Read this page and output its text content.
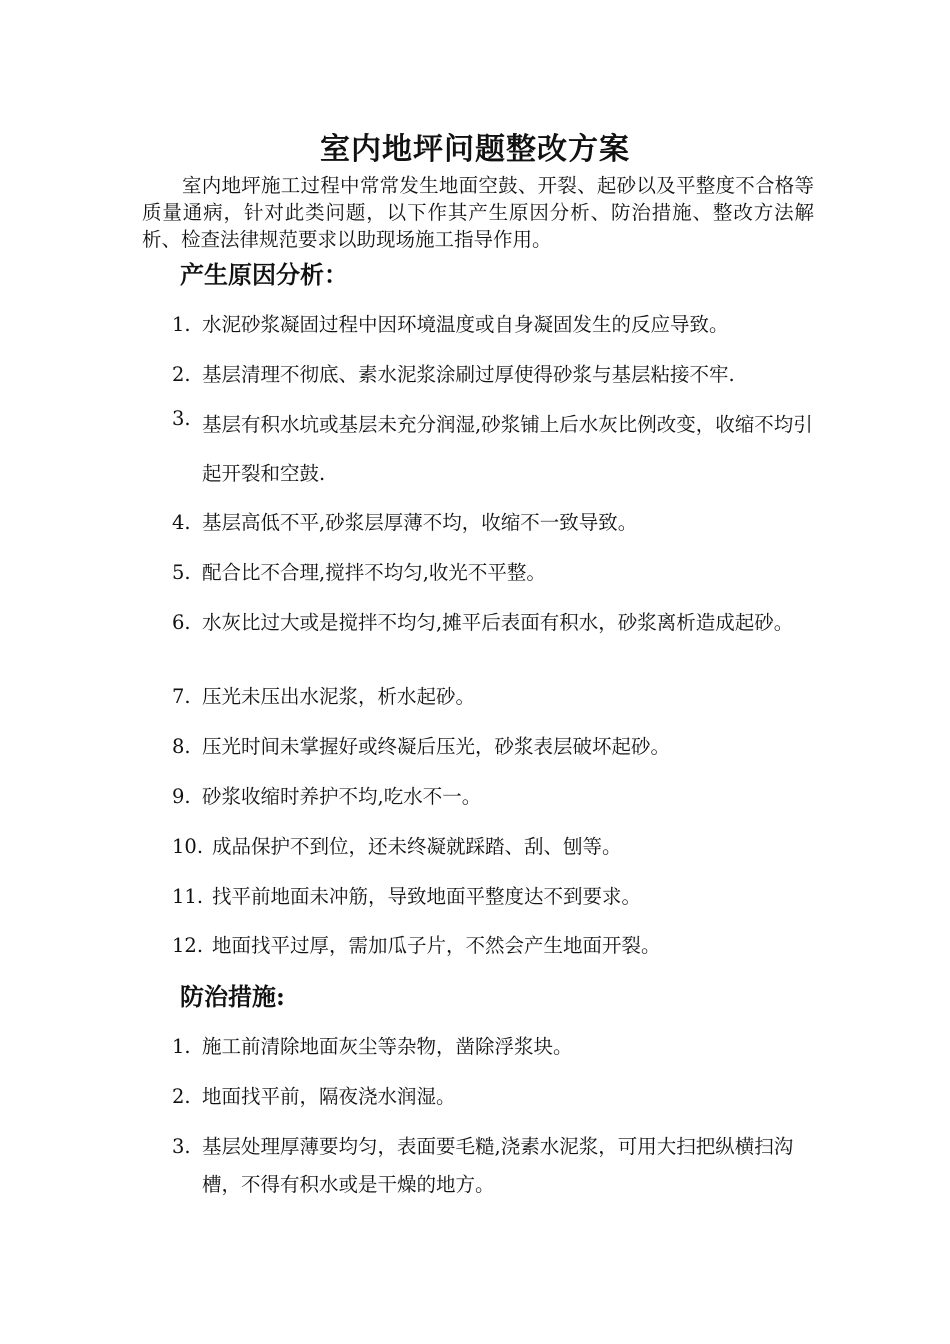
室内地坪问题整改方案
室内地坪施工过程中常常发生地面空鼓、开裂、起砂以及平整度不合格等质量通病，针对此类问题，以下作其产生原因分析、防治措施、整改方法解析、检查法律规范要求以助现场施工指导作用。
产生原因分析：
1. 水泥砂浆凝固过程中因环境温度或自身凝固发生的反应导致。
2. 基层清理不彻底、素水泥浆涂刷过厚使得砂浆与基层粘接不牢.
3. 基层有积水坑或基层未充分润湿,砂浆铺上后水灰比例改变，收缩不均引起开裂和空鼓.
4. 基层高低不平,砂浆层厚薄不均，收缩不一致导致。
5. 配合比不合理,搅拌不均匀,收光不平整。
6. 水灰比过大或是搅拌不均匀,摊平后表面有积水，砂浆离析造成起砂。
7. 压光未压出水泥浆，析水起砂。
8. 压光时间未掌握好或终凝后压光，砂浆表层破坏起砂。
9. 砂浆收缩时养护不均,吃水不一。
10. 成品保护不到位，还未终凝就踩踏、刮、刨等。
11. 找平前地面未冲筋，导致地面平整度达不到要求。
12. 地面找平过厚，需加瓜子片，不然会产生地面开裂。
防治措施:
1. 施工前清除地面灰尘等杂物，凿除浮浆块。
2. 地面找平前，隔夜浇水润湿。
3. 基层处理厚薄要均匀，表面要毛糙,浇素水泥浆，可用大扫把纵横扫沟槽，不得有积水或是干燥的地方。
